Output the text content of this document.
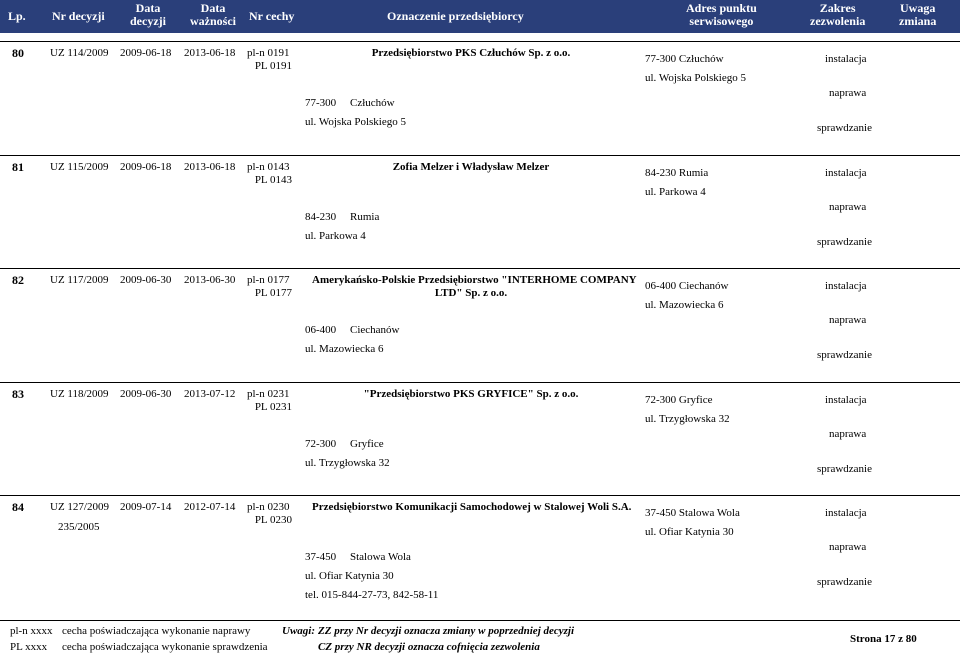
Lp. Nr decyzji
Data
decyzji
Data
ważności Nr cechy	Oznaczenie przedsiębiorcy
Adres punktu
serwisowego
Zakres
zezwolenia
Uwaga
zmiana
80 UZ 114/2009 2009-06-18 2013-06-18 pl-n 0191
PL 0191
Przedsiębiorstwo PKS Człuchów Sp. z o.o.
77-300 Człuchów
ul. Wojska Polskiego 5
77-300 Człuchów
ul. Wojska Polskiego 5
instalacja
naprawa
sprawdzanie
81 UZ 115/2009 2009-06-18 2013-06-18 pl-n 0143
PL 0143
Zofia Melzer i Władysław Melzer
84-230 Rumia
ul. Parkowa 4
84-230 Rumia
ul. Parkowa 4
instalacja
naprawa
sprawdzanie
82 UZ 117/2009 2009-06-30 2013-06-30 pl-n 0177
PL 0177
Amerykańsko-Polskie Przedsiębiorstwo "INTERHOME COMPANY
LTD" Sp. z o.o.
06-400 Ciechanów
ul. Mazowiecka 6
06-400 Ciechanów
ul. Mazowiecka 6
instalacja
naprawa
sprawdzanie
83 UZ 118/2009 2009-06-30 2013-07-12 pl-n 0231
PL 0231
"Przedsiębiorstwo PKS GRYFICE" Sp. z o.o.
72-300 Gryfice
ul. Trzygłowska 32
72-300 Gryfice
ul. Trzygłowska 32
instalacja
naprawa
sprawdzanie
84 UZ 127/2009
235/2005
2009-07-14 2012-07-14 pl-n 0230
PL 0230
Przedsiębiorstwo Komunikacji Samochodowej w Stalowej Woli S.A.
37-450 Stalowa Wola
ul. Ofiar Katynia 30
tel. 015-844-27-73, 842-58-11
37-450 Stalowa Wola
ul. Ofiar Katynia 30
instalacja
naprawa
sprawdzanie
pl-n xxxx cecha poświadczająca wykonanie naprawy
PL xxxx cecha poświadczająca wykonanie sprawdzenia
Uwagi: ZZ przy Nr decyzji oznacza zmiany w poprzedniej decyzji
CZ przy NR decyzji oznacza cofnięcia zezwolenia
Strona 17 z 80
